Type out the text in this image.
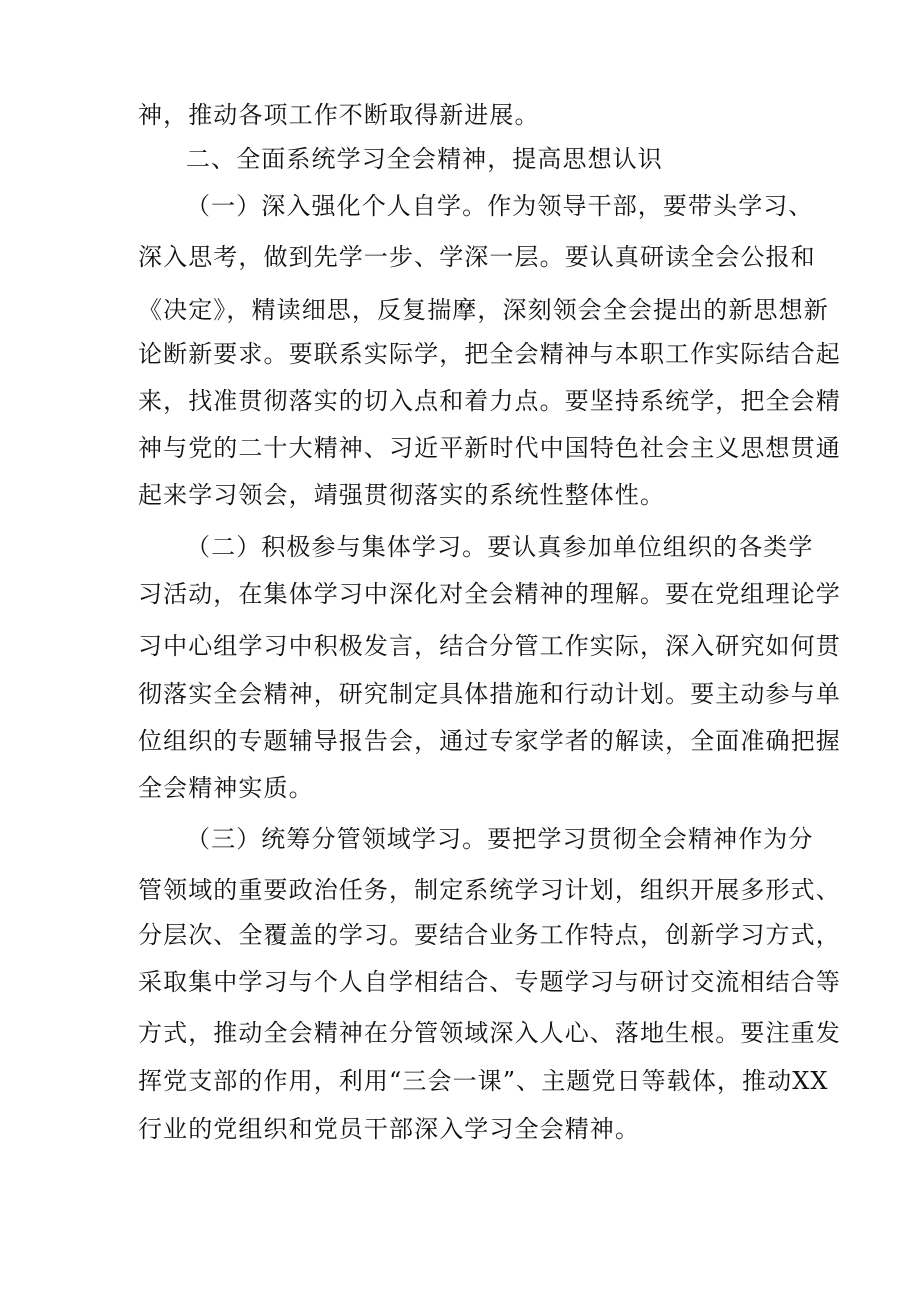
神，推动各项工作不断取得新进展。
二、全面系统学习全会精神，提高思想认识
（一）深入强化个人自学。作为领导干部，要带头学习、
深入思考，做到先学一步、学深一层。要认真研读全会公报和
《决定》，精读细思，反复揣摩，深刻领会全会提出的新思想新
论断新要求。要联系实际学，把全会精神与本职工作实际结合起
来，找准贯彻落实的切入点和着力点。要坚持系统学，把全会精
神与党的二十大精神、习近平新时代中国特色社会主义思想贯通
起来学习领会，靖强贯彻落实的系统性整体性。
（二）积极参与集体学习。要认真参加单位组织的各类学
习活动，在集体学习中深化对全会精神的理解。要在党组理论学
习中心组学习中积极发言，结合分管工作实际，深入研究如何贯
彻落实全会精神，研究制定具体措施和行动计划。要主动参与单
位组织的专题辅导报告会，通过专家学者的解读，全面准确把握
全会精神实质。
（三）统筹分管领域学习。要把学习贯彻全会精神作为分
管领域的重要政治任务，制定系统学习计划，组织开展多形式、
分层次、全覆盖的学习。要结合业务工作特点，创新学习方式，
采取集中学习与个人自学相结合、专题学习与研讨交流相结合等
方式，推动全会精神在分管领域深入人心、落地生根。要注重发
挥党支部的作用，利用“三会一课”、主题党日等载体，推动XX
行业的党组织和党员干部深入学习全会精神。
